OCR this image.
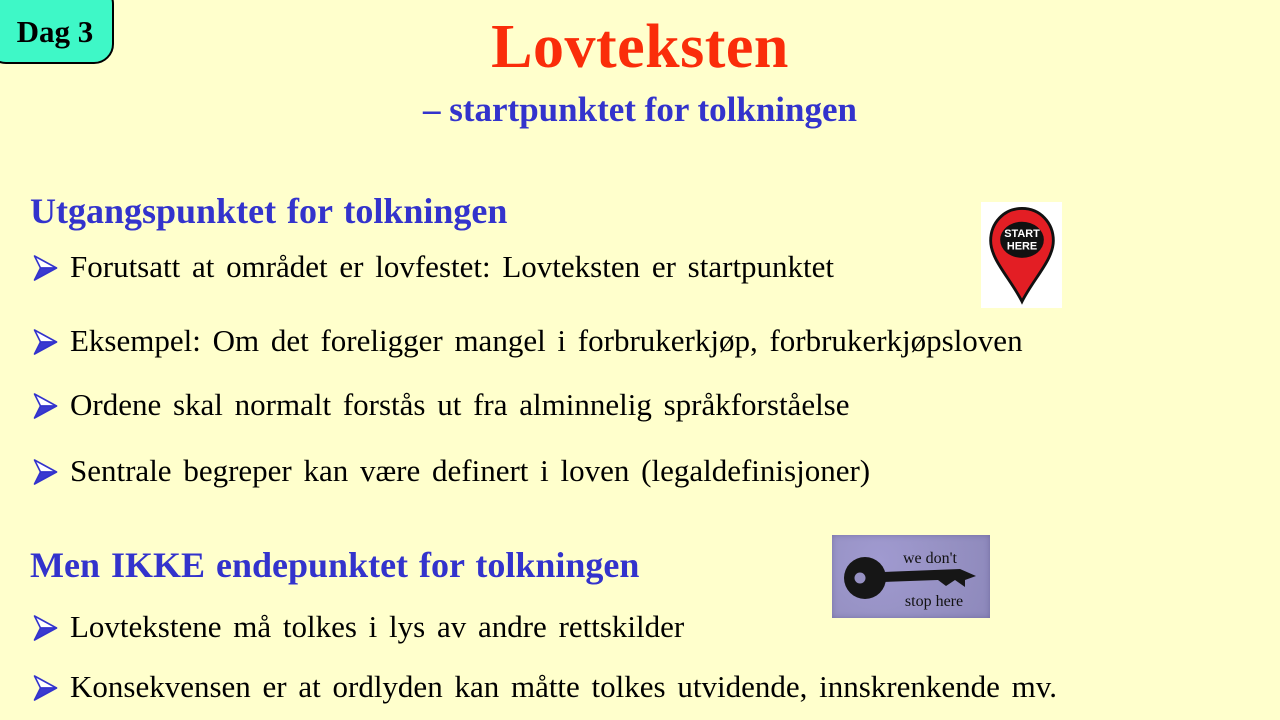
Dag 3	Lovteksten
– startpunktet for tolkningen
Utgangspunktet for tolkningen
Forutsatt at området er lovfestet: Lovteksten er startpunktet
Eksempel: Om det foreligger mangel i forbrukerkjøp, forbrukerkjøpsloven
Ordene skal normalt forstås ut fra alminnelig språkforståelse
Sentrale begreper kan være definert i loven (legaldefinisjoner)
START
HERE
Men IKKE endepunktet for tolkningen	we don't
stop here
Lovtekstene må tolkes i lys av andre rettskilder
Konsekvensen er at ordlyden kan måtte tolkes utvidende, innskrenkende mv.
